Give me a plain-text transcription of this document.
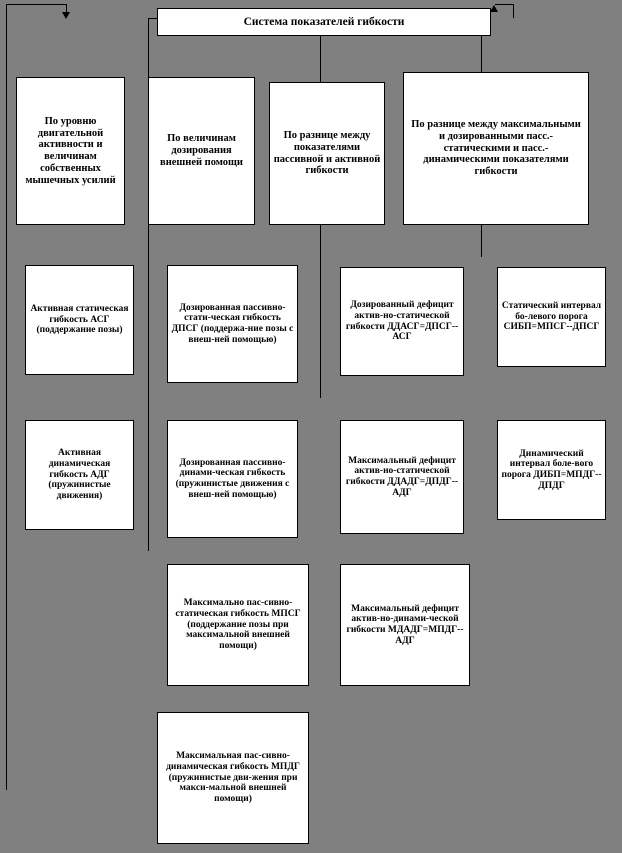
Система показателей гибкости
По уровню двигательной активности и величинам собственных мышечных усилий
По величинам дозирования внешней помощи
По разнице между показателями пассивной и активной гибкости
По разнице между максимальными и дозированными пасс.-статическими и пасс.-динамическими показателями гибкости
Активная статическая гибкость АСГ (поддержание позы)
Активная динамическая гибкость АДГ (пружинистые движения)
Дозированная пассивно-стати-ческая гибкость ДПСГ (поддержа-ние позы с внеш-ней помощью)
Дозированная пассивно-динами-ческая гибкость (пружинистые движения с внеш-ней помощью)
Максимально пас-сивно-статическая гибкость МПСГ (поддержание позы при максимальной внешней помощи)
Максимальная пас-сивно-динамическая гибкость МПДГ (пружинистые дви-жения при макси-мальной внешней помощи)
Дозированный дефицит актив-но-статической гибкости ДДАСГ=ДПСГ--АСГ
Максимальный дефицит актив-но-статической гибкости ДДАДГ=ДПДГ--АДГ
Максимальный дефицит актив-но-динами-ческой гибкости МДАДГ=МПДГ--АДГ
Статический интервал бо-левого порога СИБП=МПСГ--ДПСГ
Динамический интервал боле-вого порога ДИБП=МПДГ--ДПДГ
